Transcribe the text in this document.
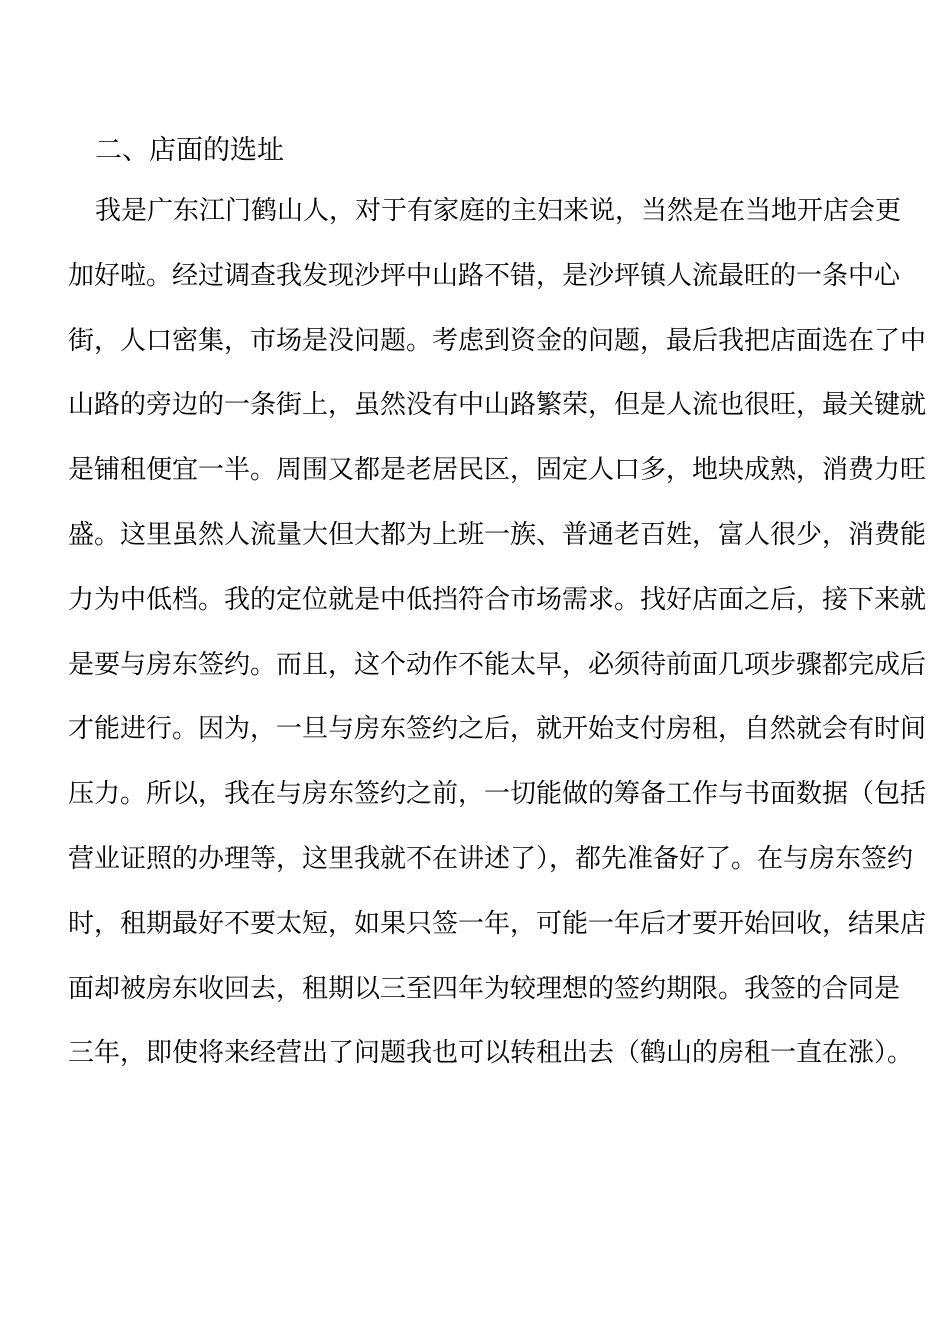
二、店面的选址
我是广东江门鹤山人，对于有家庭的主妇来说，当然是在当地开店会更
加好啦。经过调查我发现沙坪中山路不错，是沙坪镇人流最旺的一条中心
街，人口密集，市场是没问题。考虑到资金的问题，最后我把店面选在了中
山路的旁边的一条街上，虽然没有中山路繁荣，但是人流也很旺，最关键就
是铺租便宜一半。周围又都是老居民区，固定人口多，地块成熟，消费力旺
盛。这里虽然人流量大但大都为上班一族、普通老百姓，富人很少，消费能
力为中低档。我的定位就是中低挡符合市场需求。找好店面之后，接下来就
是要与房东签约。而且，这个动作不能太早，必须待前面几项步骤都完成后
才能进行。因为，一旦与房东签约之后，就开始支付房租，自然就会有时间
压力。所以，我在与房东签约之前，一切能做的筹备工作与书面数据（包括
营业证照的办理等，这里我就不在讲述了），都先准备好了。在与房东签约
时，租期最好不要太短，如果只签一年，可能一年后才要开始回收，结果店
面却被房东收回去，租期以三至四年为较理想的签约期限。我签的合同是
三年，即使将来经营出了问题我也可以转租出去（鹤山的房租一直在涨）。
